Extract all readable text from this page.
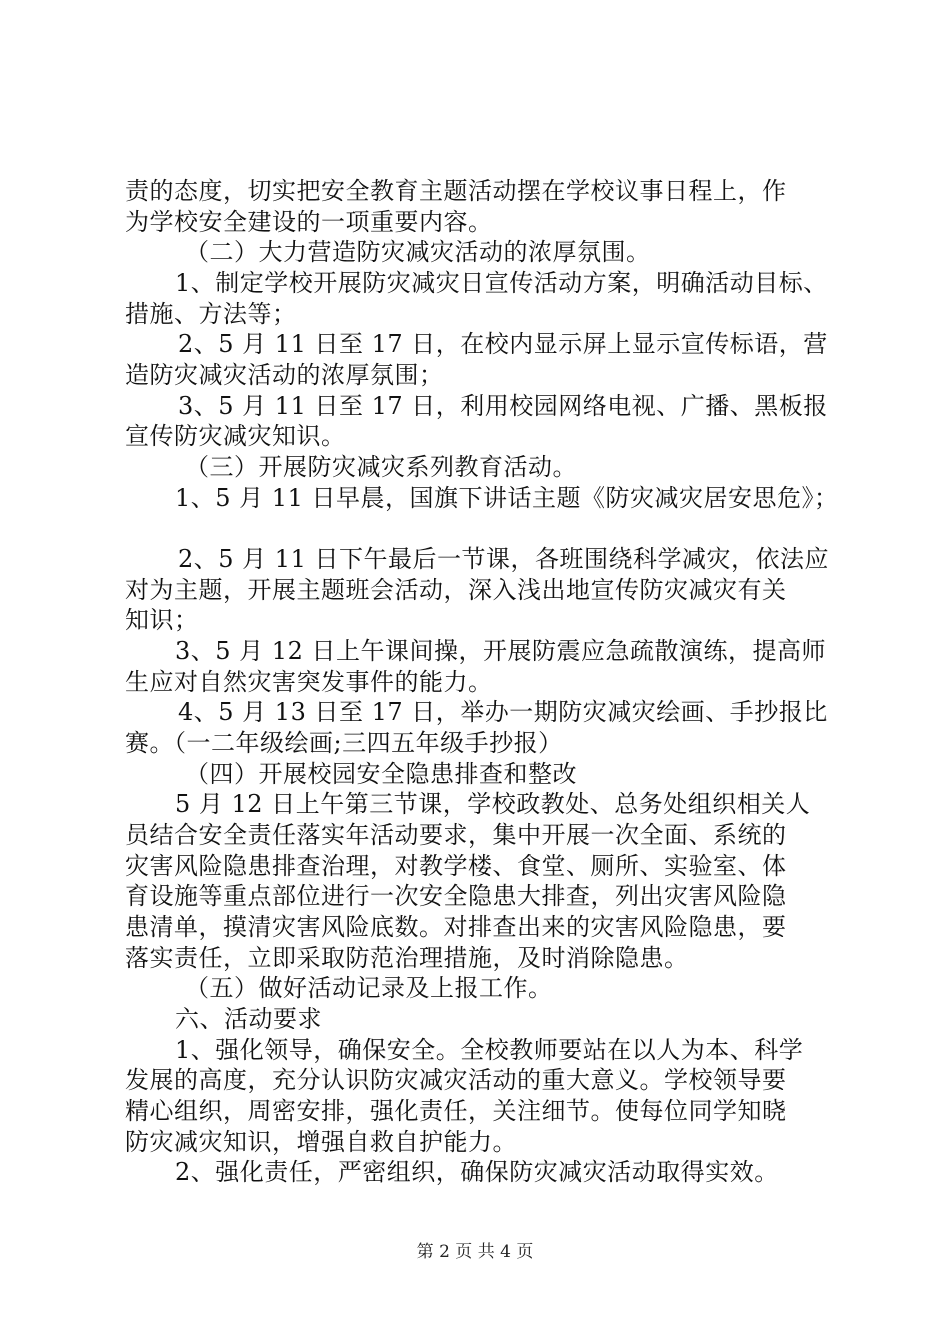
责的态度，切实把安全教育主题活动摆在学校议事日程上，作
为学校安全建设的一项重要内容。
（二）大力营造防灾减灾活动的浓厚氛围。
1、制定学校开展防灾减灾日宣传活动方案，明确活动目标、
措施、方法等；
2、5 月 11 日至 17 日，在校内显示屏上显示宣传标语，营
造防灾减灾活动的浓厚氛围；
3、5 月 11 日至 17 日，利用校园网络电视、广播、黑板报
宣传防灾减灾知识。
（三）开展防灾减灾系列教育活动。
1、5 月 11 日早晨，国旗下讲话主题《防灾减灾居安思危》；
2、5 月 11 日下午最后一节课，各班围绕科学减灾，依法应
对为主题，开展主题班会活动，深入浅出地宣传防灾减灾有关
知识；
3、5 月 12 日上午课间操，开展防震应急疏散演练，提高师
生应对自然灾害突发事件的能力。
4、5 月 13 日至 17 日，举办一期防灾减灾绘画、手抄报比
赛。（一二年级绘画;三四五年级手抄报）
（四）开展校园安全隐患排查和整改
5 月 12 日上午第三节课，学校政教处、总务处组织相关人
员结合安全责任落实年活动要求，集中开展一次全面、系统的
灾害风险隐患排查治理，对教学楼、食堂、厕所、实验室、体
育设施等重点部位进行一次安全隐患大排查，列出灾害风险隐
患清单，摸清灾害风险底数。对排查出来的灾害风险隐患，要
落实责任，立即采取防范治理措施，及时消除隐患。
（五）做好活动记录及上报工作。
六、活动要求
1、强化领导，确保安全。全校教师要站在以人为本、科学
发展的高度，充分认识防灾减灾活动的重大意义。学校领导要
精心组织，周密安排，强化责任，关注细节。使每位同学知晓
防灾减灾知识，增强自救自护能力。
2、强化责任，严密组织，确保防灾减灾活动取得实效。
第 2 页 共 4 页
